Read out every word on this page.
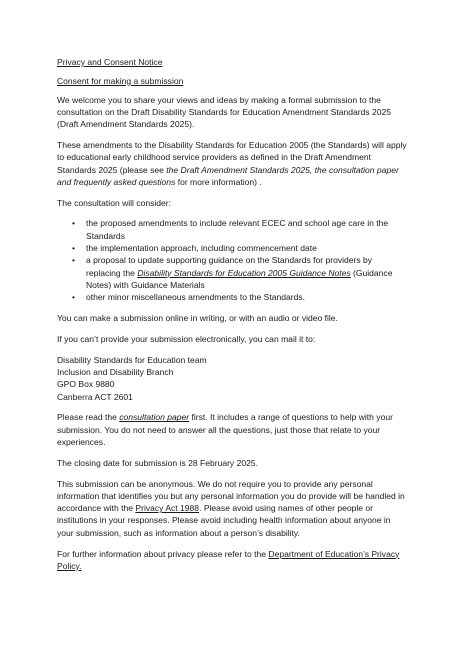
Privacy and Consent Notice

Consent for making a submission

We welcome you to share your views and ideas by making a formal submission to the consultation on the Draft Disability Standards for Education Amendment Standards 2025 (Draft Amendment Standards 2025).

These amendments to the Disability Standards for Education 2005 (the Standards) will apply to educational early childhood service providers as defined in the Draft Amendment Standards 2025 (please see the Draft Amendment Standards 2025, the consultation paper and frequently asked questions for more information) .

The consultation will consider:

• the proposed amendments to include relevant ECEC and school age care in the Standards
• the implementation approach, including commencement date
• a proposal to update supporting guidance on the Standards for providers by replacing the Disability Standards for Education 2005 Guidance Notes (Guidance Notes) with Guidance Materials
• other minor miscellaneous amendments to the Standards.

You can make a submission online in writing, or with an audio or video file.

If you can’t provide your submission electronically, you can mail it to:

Disability Standards for Education team

Inclusion and Disability Branch

GPO Box 9880

Canberra ACT 2601

Please read the consultation paper first. It includes a range of questions to help with your submission. You do not need to answer all the questions, just those that relate to your experiences.

The closing date for submission is 28 February 2025.

This submission can be anonymous. We do not require you to provide any personal information that identifies you but any personal information you do provide will be handled in accordance with the Privacy Act 1988. Please avoid using names of other people or institutions in your responses. Please avoid including health information about anyone in your submission, such as information about a person’s disability.

For further information about privacy please refer to the Department of Education’s Privacy Policy.
